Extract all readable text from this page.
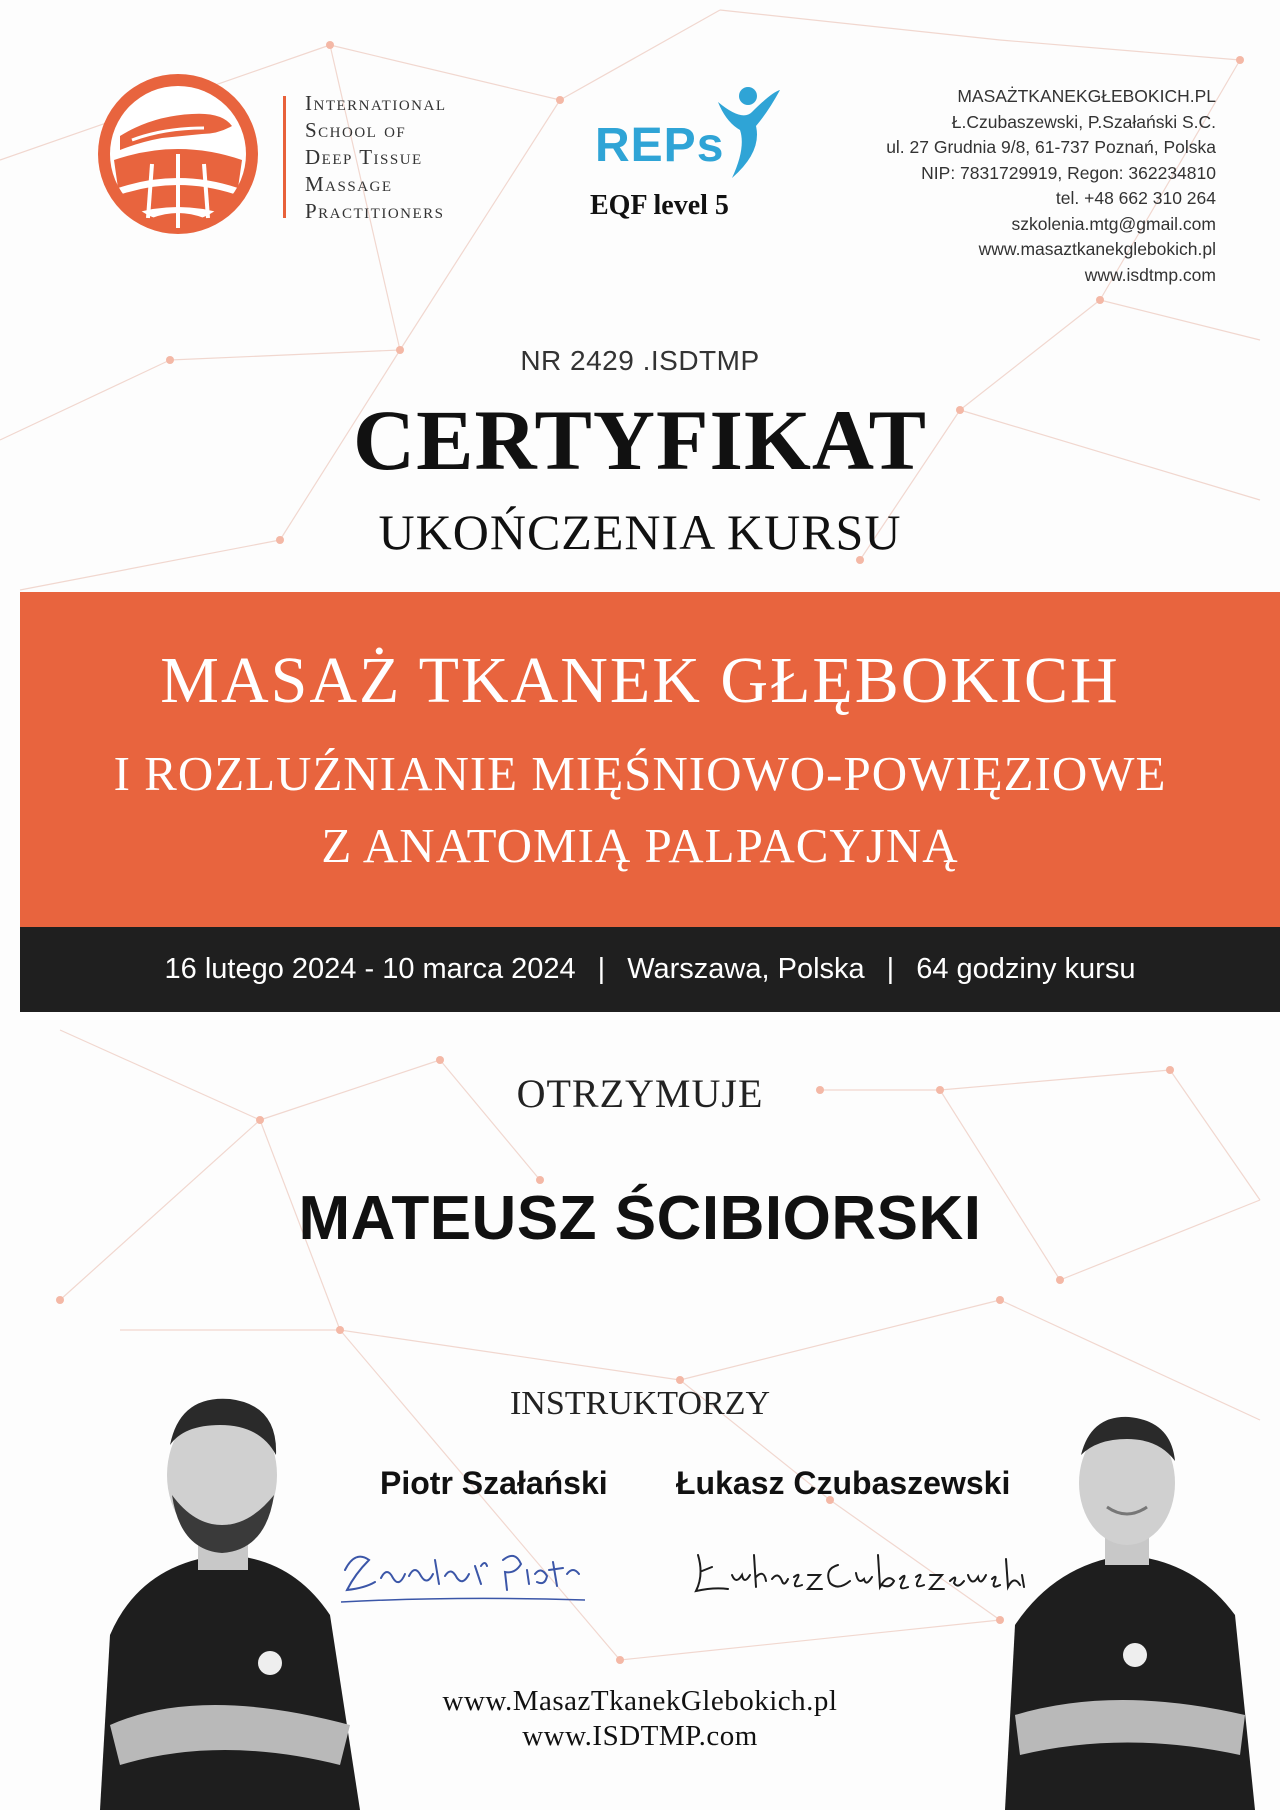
International
School of
Deep Tissue
Massage
Practitioners
REPs
EQF level 5
MASAŻTKANEKGŁEBOKICH.PL
Ł.Czubaszewski, P.Szałański S.C.
ul. 27 Grudnia 9/8, 61-737 Poznań, Polska
NIP: 7831729919, Regon: 362234810
tel. +48 662 310 264
szkolenia.mtg@gmail.com
www.masaztkanekglebokich.pl
www.isdtmp.com
NR 2429 .ISDTMP
CERTYFIKAT
UKOŃCZENIA KURSU
MASAŻ TKANEK GŁĘBOKICH
I ROZLUŹNIANIE MIĘŚNIOWO-POWIĘZIOWE
Z ANATOMIĄ PALPACYJNĄ
16 lutego 2024 - 10 marca 2024 | Warszawa, Polska | 64 godziny kursu
OTRZYMUJE
MATEUSZ ŚCIBIORSKI
INSTRUKTORZY
Piotr Szałański Łukasz Czubaszewski
www.MasazTkanekGlebokich.pl
www.ISDTMP.com
